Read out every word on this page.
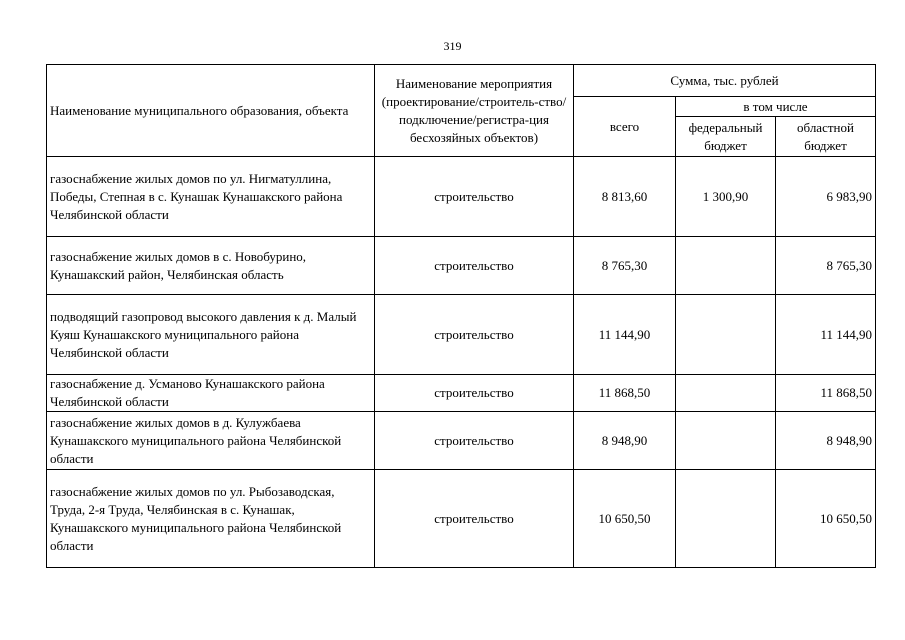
319
Наименование муниципального образования, объекта	Наименование мероприятия (проектирование/строитель-ство/подключение/регистра-ция бесхозяйных объектов)	Сумма, тыс. рублей		
		всего	в том числе	
			федеральный бюджет	областной бюджет
газоснабжение жилых домов по ул. Нигматуллина, Победы, Степная в с. Кунашак Кунашакского района Челябинской области	строительство	8 813,60	1 300,90	6 983,90
газоснабжение жилых домов в с. Новобурино, Кунашакский район, Челябинская область	строительство	8 765,30		8 765,30
подводящий газопровод высокого давления к д. Малый Куяш Кунашакского муниципального района Челябинской области	строительство	11 144,90		11 144,90
газоснабжение д. Усманово Кунашакского района Челябинской области	строительство	11 868,50		11 868,50
газоснабжение жилых домов в д. Кулужбаева Кунашакского муниципального района Челябинской области	строительство	8 948,90		8 948,90
газоснабжение жилых домов по ул. Рыбозаводская, Труда, 2-я Труда, Челябинская в с. Кунашак, Кунашакского муниципального района Челябинской области	строительство	10 650,50		10 650,50
